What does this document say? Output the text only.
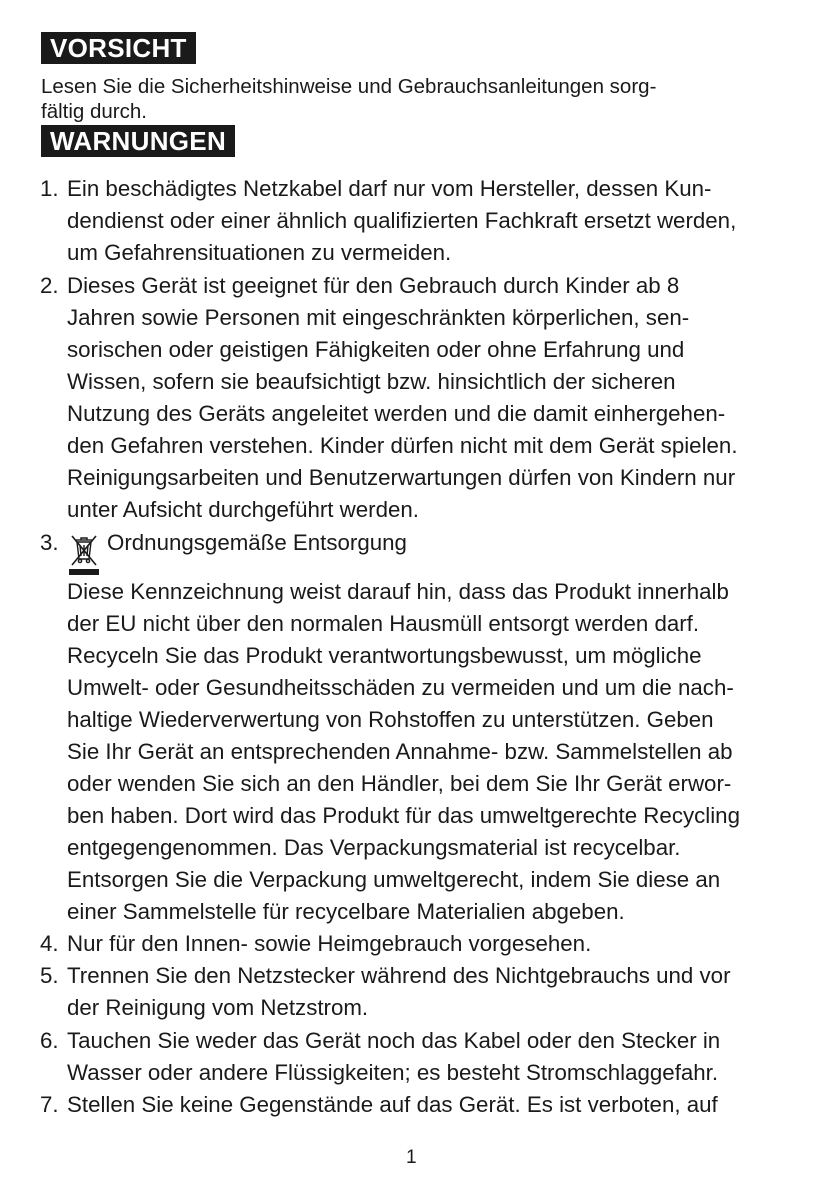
VORSICHT

Lesen Sie die Sicherheitshinweise und Gebrauchsanleitungen sorg-
fältig durch.

WARNUNGEN
1. Ein beschädigtes Netzkabel darf nur vom Hersteller, dessen Kun-
dendienst oder einer ähnlich qualifizierten Fachkraft ersetzt werden,
um Gefahrensituationen zu vermeiden.
2. Dieses Gerät ist geeignet für den Gebrauch durch Kinder ab 8
Jahren sowie Personen mit eingeschränkten körperlichen, sen-
sorischen oder geistigen Fähigkeiten oder ohne Erfahrung und
Wissen, sofern sie beaufsichtigt bzw. hinsichtlich der sicheren
Nutzung des Geräts angeleitet werden und die damit einhergehen-
den Gefahren verstehen. Kinder dürfen nicht mit dem Gerät spielen.
Reinigungsarbeiten und Benutzerwartungen dürfen von Kindern nur
unter Aufsicht durchgeführt werden.
3. Ordnungsgemäße Entsorgung
Diese Kennzeichnung weist darauf hin, dass das Produkt innerhalb
der EU nicht über den normalen Hausmüll entsorgt werden darf.
Recyceln Sie das Produkt verantwortungsbewusst, um mögliche
Umwelt- oder Gesundheitsschäden zu vermeiden und um die nach-
haltige Wiederverwertung von Rohstoffen zu unterstützen. Geben
Sie Ihr Gerät an entsprechenden Annahme- bzw. Sammelstellen ab
oder wenden Sie sich an den Händler, bei dem Sie Ihr Gerät erwor-
ben haben. Dort wird das Produkt für das umweltgerechte Recycling
entgegengenommen. Das Verpackungsmaterial ist recycelbar.
Entsorgen Sie die Verpackung umweltgerecht, indem Sie diese an
einer Sammelstelle für recycelbare Materialien abgeben.
4. Nur für den Innen- sowie Heimgebrauch vorgesehen.
5. Trennen Sie den Netzstecker während des Nichtgebrauchs und vor
der Reinigung vom Netzstrom.
6. Tauchen Sie weder das Gerät noch das Kabel oder den Stecker in
Wasser oder andere Flüssigkeiten; es besteht Stromschlaggefahr.
7. Stellen Sie keine Gegenstände auf das Gerät. Es ist verboten, auf
1
